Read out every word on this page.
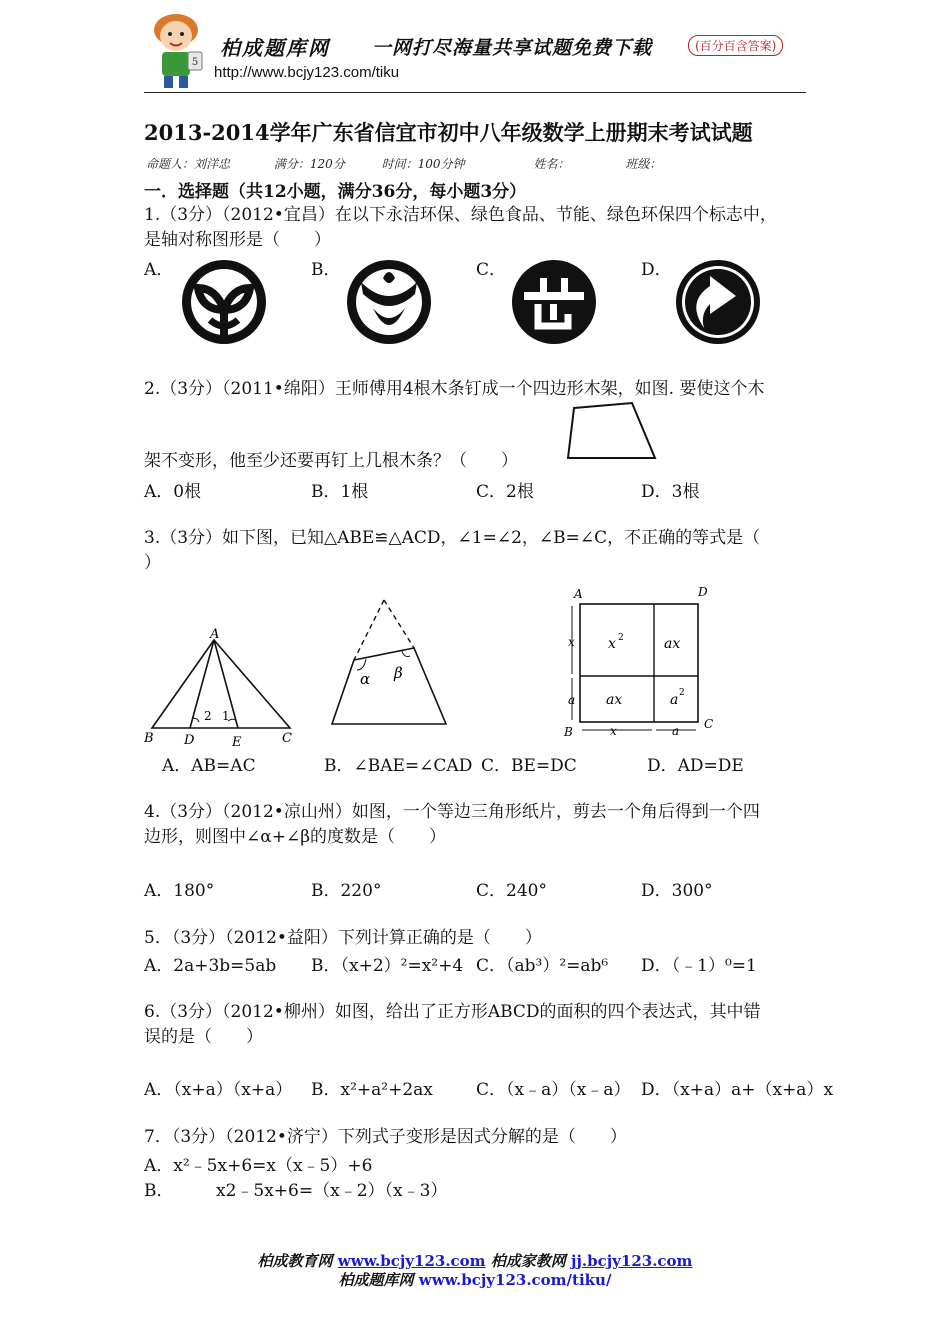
5
柏成题库网 一网打尽海量共享试题免费下载	(百分百含答案)
http://www.bcjy123.com/tiku
2013-2014学年广东省信宜市初中八年级数学上册期末考试试题
命题人：刘洋忠	满分：120分	时间：100分钟	姓名：	班级：
一．选择题（共12小题，满分36分，每小题3分）
1.（3分）（2012•宜昌）在以下永洁环保、绿色食品、节能、绿色环保四个标志中，
是轴对称图形是（　　）
A．	B．	C．	D．
2.（3分）（2011•绵阳）王师傅用4根木条钉成一个四边形木架，如图. 要使这个木
架不变形，他至少还要再钉上几根木条？（　　）
A．0根	B．1根	C．2根	D．3根
3.（3分）如下图，已知△ABE≌△ACD，∠1=∠2，∠B=∠C，不正确的等式是（
）
A
B D	E	C
2 1
α β
A	D
B
C
x
a
x	a
x 2	ax
ax	a 2
A．AB=AC	B．∠BAE=∠CAD C．BE=DC	D．AD=DE
4.（3分）（2012•凉山州）如图，一个等边三角形纸片，剪去一个角后得到一个四
边形，则图中∠α+∠β的度数是（　　）
A．180°	B．220°	C．240°	D．300°
5．（3分）（2012•益阳）下列计算正确的是（　　）
A．2a+3b=5ab B．（x+2）²=x²+4 C．（ab³）²=ab⁶ D．（﹣1）⁰=1
6.（3分）（2012•柳州）如图，给出了正方形ABCD的面积的四个表达式，其中错
误的是（　　）
A．（x+a）（x+a） B．x²+a²+2ax	C．（x﹣a）（x﹣a） D．（x+a）a+（x+a）x
7．（3分）（2012•济宁）下列式子变形是因式分解的是（　　）
A．x²﹣5x+6=x（x﹣5）+6
B．　　　x2﹣5x+6=（x﹣2）（x﹣3）
柏成教育网 www.bcjy123.com 柏成家教网 jj.bcjy123.com
柏成题库网 www.bcjy123.com/tiku/
